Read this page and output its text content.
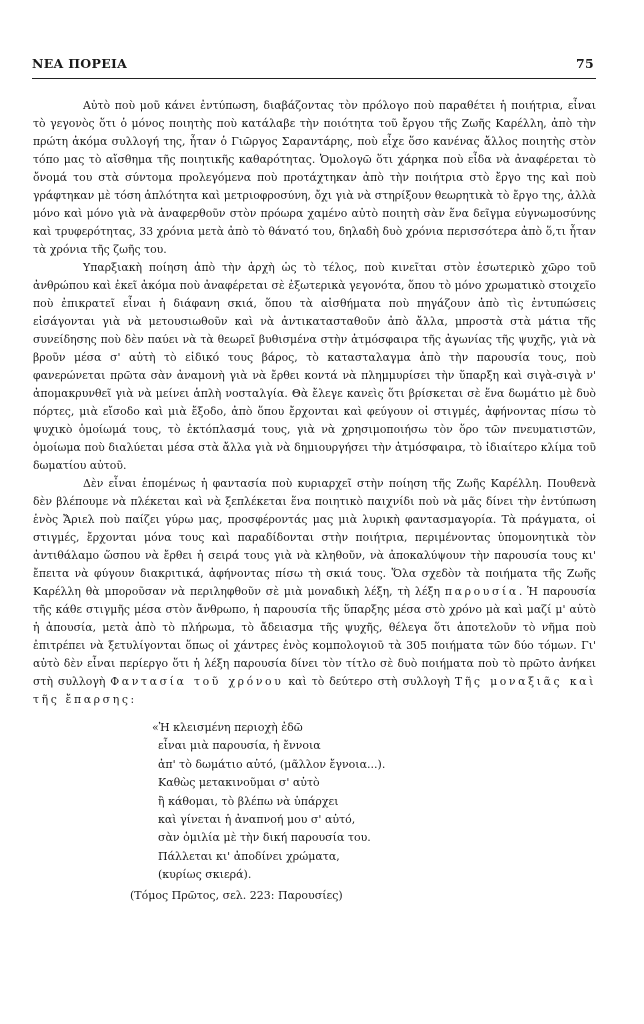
ΝΕΑ ΠΟΡΕΙΑ	75

Αὐτὸ ποὺ μοῦ κάνει ἐντύπωση, διαβάζοντας τὸν πρόλογο ποὺ παραθέτει ἡ ποιήτρια, εἶναι τὸ γεγονὸς ὅτι ὁ μόνος ποιητὴς ποὺ κατάλαβε τὴν ποιότητα τοῦ ἔργου τῆς Ζωῆς Καρέλλη, ἀπὸ τὴν πρώτη ἀκόμα συλλογή της, ἦταν ὁ Γιῶργος Σαραντάρης, ποὺ εἶχε ὅσο κανένας ἄλλος ποιητὴς στὸν τόπο μας τὸ αἴσθημα τῆς ποιητικῆς καθαρότητας. Ὁμολογῶ ὅτι χάρηκα ποὺ εἶδα νὰ ἀναφέρεται τὸ ὄνομά του στὰ σύντομα προλεγόμενα ποὺ προτάχτηκαν ἀπὸ τὴν ποιήτρια στὸ ἔργο της καὶ ποὺ γράφτηκαν μὲ τόση ἁπλότητα καὶ μετριοφροσύνη, ὄχι γιὰ νὰ στηρίξουν θεωρητικὰ τὸ ἔργο της, ἀλλὰ μόνο καὶ μόνο γιὰ νὰ ἀναφερθοῦν στὸν πρόωρα χαμένο αὐτὸ ποιητὴ σὰν ἕνα δεῖγμα εὐγνωμοσύνης καὶ τρυφερότητας, 33 χρόνια μετὰ ἀπὸ τὸ θάνατό του, δηλαδὴ δυὸ χρόνια περισσότερα ἀπὸ ὅ,τι ἦταν τὰ χρόνια τῆς ζωῆς του.

Υπαρξιακὴ ποίηση ἀπὸ τὴν ἀρχὴ ὡς τὸ τέλος, ποὺ κινεῖται στὸν ἐσωτερικὸ χῶρο τοῦ ἀνθρώπου καὶ ἐκεῖ ἀκόμα ποὺ ἀναφέρεται σὲ ἐξωτερικὰ γεγονότα, ὅπου τὸ μόνο χρωματικὸ στοιχεῖο ποὺ ἐπικρατεῖ εἶναι ἡ διάφανη σκιά, ὅπου τὰ αἰσθήματα ποὺ πηγάζουν ἀπὸ τὶς ἐντυπώσεις εἰσάγονται γιὰ νὰ μετουσιωθοῦν καὶ νὰ ἀντικατασταθοῦν ἀπὸ ἄλλα, μπροστὰ στὰ μάτια τῆς συνείδησης ποὺ δὲν παύει νὰ τὰ θεωρεῖ βυθισμένα στὴν ἀτμόσφαιρα τῆς ἀγωνίας τῆς ψυχῆς, γιὰ νὰ βροῦν μέσα σ' αὐτὴ τὸ εἰδικό τους βάρος, τὸ κατασταλαγμα ἀπὸ τὴν παρουσία τους, ποὺ φανερώνεται πρῶτα σὰν ἀναμονὴ γιὰ νὰ ἔρθει κοντά νὰ πλημμυρίσει τὴν ὕπαρξη καὶ σιγὰ-σιγὰ ν' ἀπομακρυνθεῖ γιὰ νὰ μείνει ἁπλὴ νοσταλγία. Θὰ ἔλεγε κανεὶς ὅτι βρίσκεται σὲ ἕνα δωμάτιο μὲ δυὸ πόρτες, μιὰ εἴσοδο καὶ μιὰ ἔξοδο, ἀπὸ ὅπου ἔρχονται καὶ φεύγουν οἱ στιγμές, ἀφήνοντας πίσω τὸ ψυχικὸ ὁμοίωμά τους, τὸ ἐκτόπλασμά τους, γιὰ νὰ χρησιμοποιήσω τὸν ὅρο τῶν πνευματιστῶν, ὁμοίωμα ποὺ διαλύεται μέσα στὰ ἄλλα γιὰ νὰ δημιουργήσει τὴν ἀτμόσφαιρα, τὸ ἰδιαίτερο κλίμα τοῦ δωματίου αὐτοῦ.

Δὲν εἶναι ἑπομένως ἡ φαντασία ποὺ κυριαρχεῖ στὴν ποίηση τῆς Ζωῆς Καρέλλη. Πουθενὰ δὲν βλέπουμε νὰ πλέκεται καὶ νὰ ξεπλέκεται ἕνα ποιητικὸ παιχνίδι ποὺ νὰ μᾶς δίνει τὴν ἐντύπωση ἑνὸς Ἄριελ ποὺ παίζει γύρω μας, προσφέροντάς μας μιὰ λυρικὴ φαντασμαγορία. Τὰ πράγματα, οἱ στιγμές, ἔρχονται μόνα τους καὶ παραδίδονται στὴν ποιήτρια, περιμένοντας ὑπομονητικὰ τὸν ἀντιθάλαμο ὥσπου νὰ ἔρθει ἡ σειρά τους γιὰ νὰ κληθοῦν, νὰ ἀποκαλύψουν τὴν παρουσία τους κι' ἔπειτα νὰ φύγουν διακριτικά, ἀφήνοντας πίσω τὴ σκιά τους. Ὅλα σχεδὸν τὰ ποιήματα τῆς Ζωῆς Καρέλλη θὰ μποροῦσαν νὰ περιληφθοῦν σὲ μιὰ μοναδικὴ λέξη, τὴ λέξη παρουσία. Ἡ παρουσία τῆς κάθε στιγμῆς μέσα στὸν ἄνθρωπο, ἡ παρουσία τῆς ὕπαρξης μέσα στὸ χρόνο μὰ καὶ μαζί μ' αὐτὸ ἡ ἀπουσία, μετὰ ἀπὸ τὸ πλήρωμα, τὸ ἄδειασμα τῆς ψυχῆς, θέλεγα ὅτι ἀποτελοῦν τὸ νῆμα ποὺ ἐπιτρέπει νὰ ξετυλίγονται ὅπως οἱ χάντρες ἑνὸς κομπολογιοῦ τὰ 305 ποιήματα τῶν δύο τόμων. Γι' αὐτὸ δὲν εἶναι περίεργο ὅτι ἡ λέξη παρουσία δίνει τὸν τίτλο σὲ δυὸ ποιήματα ποὺ τὸ πρῶτο ἀνήκει στὴ συλλογὴ Φαντασία τοῦ χρόνου καὶ τὸ δεύτερο στὴ συλλογὴ Τῆς μοναξιᾶς καὶ τῆς ἔπαρσης:

«Ἡ κλεισμένη περιοχὴ ἐδῶ
εἶναι μιὰ παρουσία, ἡ ἔννοια
ἀπ' τὸ δωμάτιο αὐτό, (μᾶλλον ἔγνοια...).
Καθὼς μετακινοῦμαι σ' αὐτὸ
ἢ κάθομαι, τὸ βλέπω νὰ ὑπάρχει
καὶ γίνεται ἡ ἀναπνοή μου σ' αὐτό,
σὰν ὁμιλία μὲ τὴν δική παρουσία του.
Πάλλεται κι' ἀποδίνει χρώματα,
(κυρίως σκιερά).
(Τόμος Πρῶτος, σελ. 223: Παρουσίες)
